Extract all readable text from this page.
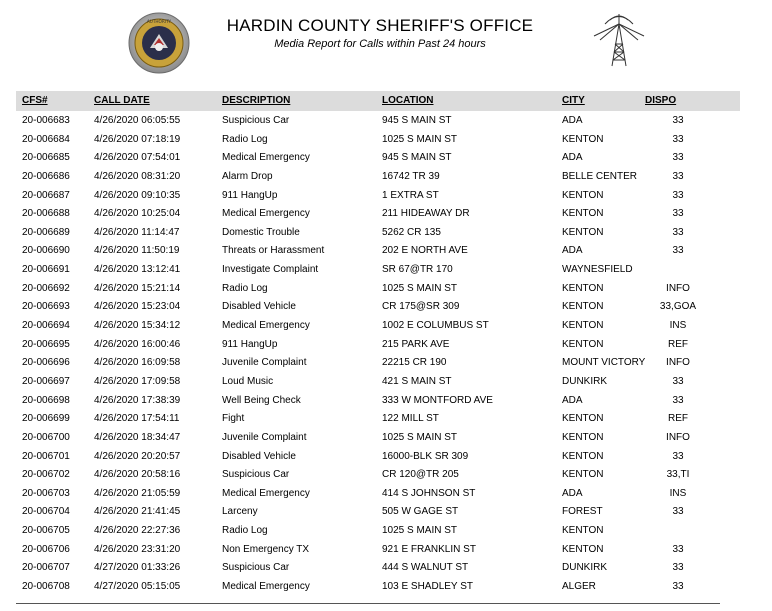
AUTHORITY	HARDIN COUNTY SHERIFF'S OFFICE
Media Report for Calls within Past 24 hours
CFS#	CALL DATE	DESCRIPTION	LOCATION	CITY	DISPO
20-006683	4/26/2020 06:05:55	Suspicious Car	945 S MAIN ST	ADA	33
20-006684	4/26/2020 07:18:19	Radio Log	1025 S MAIN ST	KENTON	33
20-006685	4/26/2020 07:54:01	Medical Emergency	945 S MAIN ST	ADA	33
20-006686	4/26/2020 08:31:20	Alarm Drop	16742 TR 39	BELLE CENTER	33
20-006687	4/26/2020 09:10:35	911 HangUp	1 EXTRA ST	KENTON	33
20-006688	4/26/2020 10:25:04	Medical Emergency	211 HIDEAWAY DR	KENTON	33
20-006689	4/26/2020 11:14:47	Domestic Trouble	5262 CR 135	KENTON	33
20-006690	4/26/2020 11:50:19	Threats or Harassment	202 E NORTH AVE	ADA	33
20-006691	4/26/2020 13:12:41	Investigate Complaint	SR 67@TR 170	WAYNESFIELD
20-006692	4/26/2020 15:21:14	Radio Log	1025 S MAIN ST	KENTON	INFO
20-006693	4/26/2020 15:23:04	Disabled Vehicle	CR 175@SR 309	KENTON	33,GOA
20-006694	4/26/2020 15:34:12	Medical Emergency	1002 E COLUMBUS ST	KENTON	INS
20-006695	4/26/2020 16:00:46	911 HangUp	215 PARK AVE	KENTON	REF
20-006696	4/26/2020 16:09:58	Juvenile Complaint	22215 CR 190	MOUNT VICTORY	INFO
20-006697	4/26/2020 17:09:58	Loud Music	421 S MAIN ST	DUNKIRK	33
20-006698	4/26/2020 17:38:39	Well Being Check	333 W MONTFORD AVE	ADA	33
20-006699	4/26/2020 17:54:11	Fight	122 MILL ST	KENTON	REF
20-006700	4/26/2020 18:34:47	Juvenile Complaint	1025 S MAIN ST	KENTON	INFO
20-006701	4/26/2020 20:20:57	Disabled Vehicle	16000-BLK SR 309	KENTON	33
20-006702	4/26/2020 20:58:16	Suspicious Car	CR 120@TR 205	KENTON	33,TI
20-006703	4/26/2020 21:05:59	Medical Emergency	414 S JOHNSON ST	ADA	INS
20-006704	4/26/2020 21:41:45	Larceny	505 W GAGE ST	FOREST	33
20-006705	4/26/2020 22:27:36	Radio Log	1025 S MAIN ST	KENTON
20-006706	4/26/2020 23:31:20	Non Emergency TX	921 E FRANKLIN ST	KENTON	33
20-006707	4/27/2020 01:33:26	Suspicious Car	444 S WALNUT ST	DUNKIRK	33
20-006708	4/27/2020 05:15:05	Medical Emergency	103 E SHADLEY ST	ALGER	33
